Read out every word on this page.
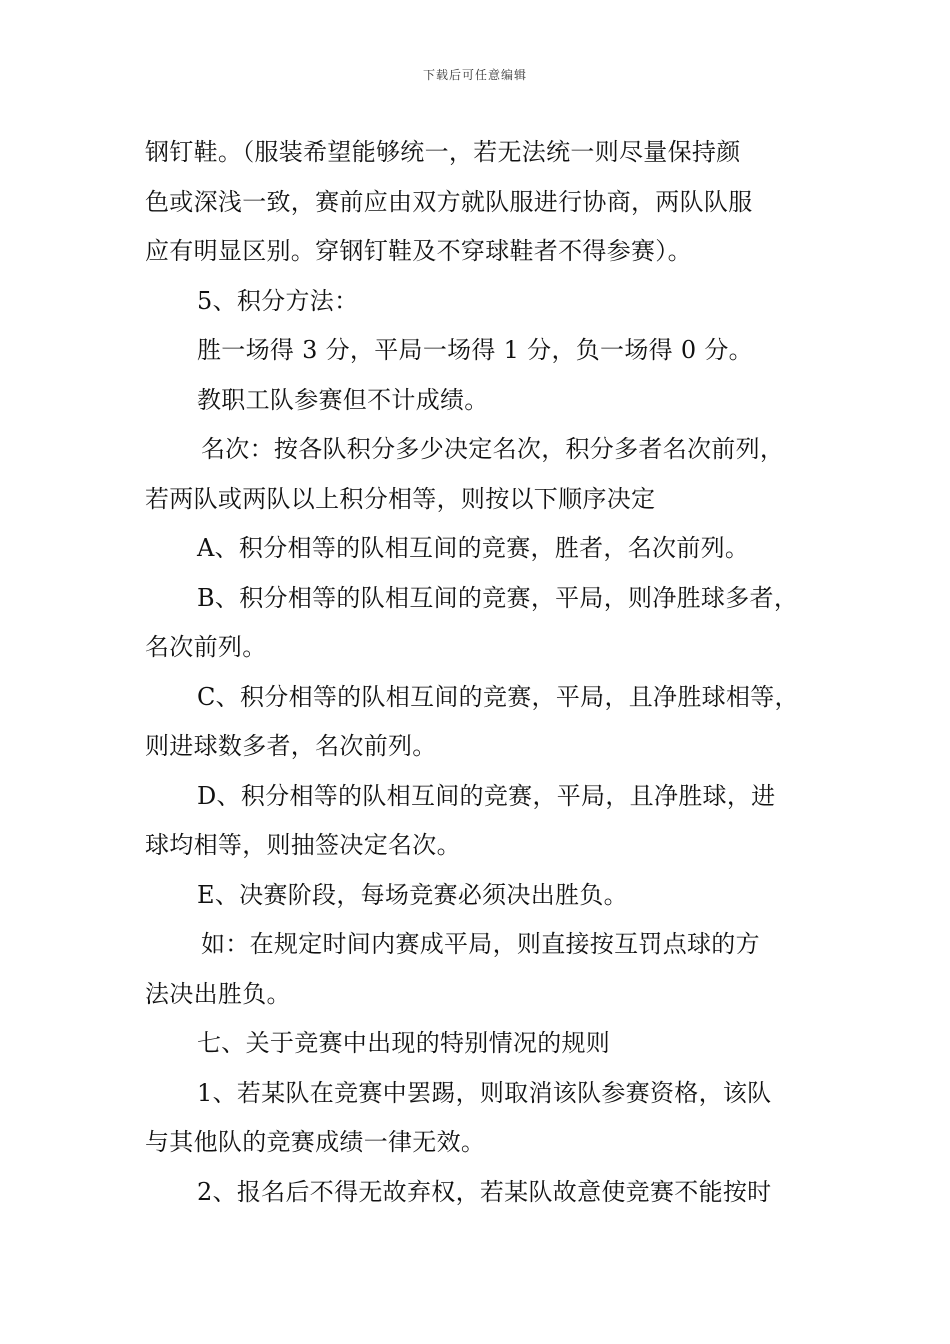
下载后可任意编辑
钢钉鞋。（服装希望能够统一，若无法统一则尽量保持颜
色或深浅一致，赛前应由双方就队服进行协商，两队队服
应有明显区别。穿钢钉鞋及不穿球鞋者不得参赛）。
5、积分方法：
胜一场得 3 分，平局一场得 1 分，负一场得 0 分。
教职工队参赛但不计成绩。
名次：按各队积分多少决定名次，积分多者名次前列，
若两队或两队以上积分相等，则按以下顺序决定
A、积分相等的队相互间的竞赛，胜者，名次前列。
B、积分相等的队相互间的竞赛，平局，则净胜球多者，
名次前列。
C、积分相等的队相互间的竞赛，平局，且净胜球相等，
则进球数多者，名次前列。
D、积分相等的队相互间的竞赛，平局，且净胜球，进
球均相等，则抽签决定名次。
E、决赛阶段，每场竞赛必须决出胜负。
如：在规定时间内赛成平局，则直接按互罚点球的方
法决出胜负。
七、关于竞赛中出现的特别情况的规则
1、若某队在竞赛中罢踢，则取消该队参赛资格，该队
与其他队的竞赛成绩一律无效。
2、报名后不得无故弃权，若某队故意使竞赛不能按时
